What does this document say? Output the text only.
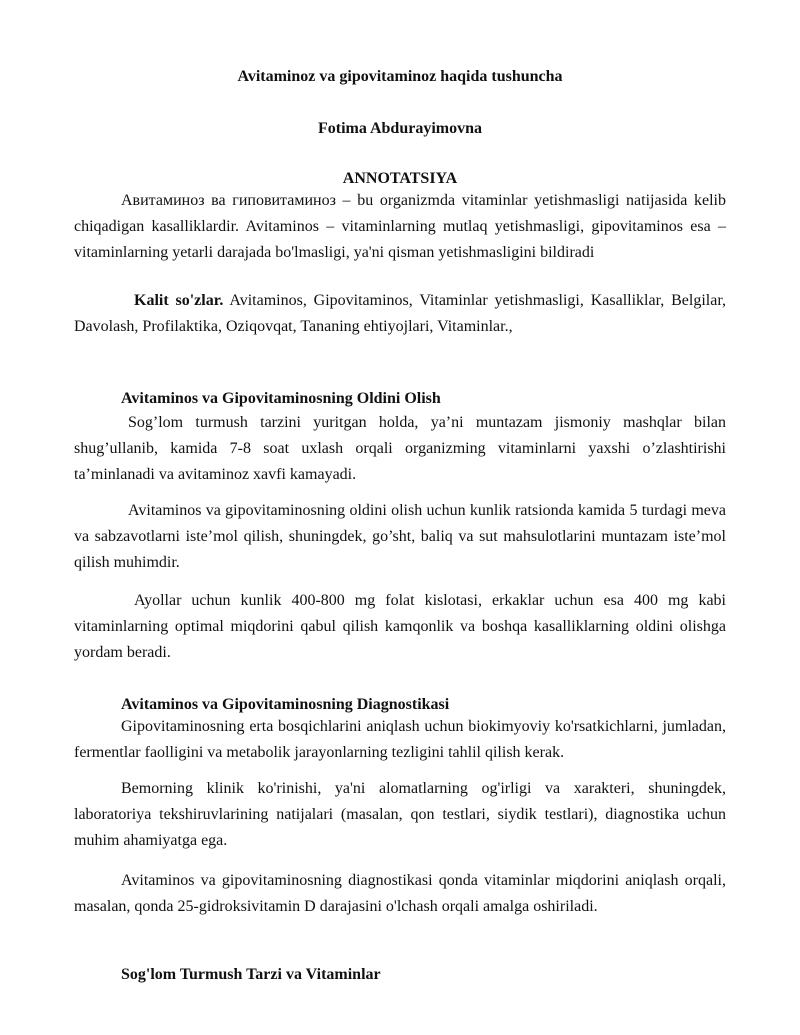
Avitaminoz va gipovitaminoz haqida tushuncha
Fotima Abdurayimovna
ANNOTATSIYA

Авитаминоз ва гиповитаминоз – bu organizmda vitaminlar yetishmasligi natijasida kelib chiqadigan kasalliklardir. Avitaminos – vitaminlarning mutlaq yetishmasligi, gipovitaminos esa – vitaminlarning yetarli darajada bo'lmasligi, ya'ni qisman yetishmasligini bildiradi

Kalit so'zlar. Avitaminos, Gipovitaminos, Vitaminlar yetishmasligi, Kasalliklar, Belgilar, Davolash, Profilaktika, Oziqovqat, Tananing ehtiyojlari, Vitaminlar.,

Avitaminos va Gipovitaminosning Oldini Olish

Sog’lom turmush tarzini yuritgan holda, ya’ni muntazam jismoniy mashqlar bilan shug’ullanib, kamida 7-8 soat uxlash orqali organizming vitaminlarni yaxshi o’zlashtirishi ta’minlanadi va avitaminoz xavfi kamayadi.

Avitaminos va gipovitaminosning oldini olish uchun kunlik ratsionda kamida 5 turdagi meva va sabzavotlarni iste’mol qilish, shuningdek, go’sht, baliq va sut mahsulotlarini muntazam iste’mol qilish muhimdir.

Ayollar uchun kunlik 400-800 mg folat kislotasi, erkaklar uchun esa 400 mg kabi vitaminlarning optimal miqdorini qabul qilish kamqonlik va boshqa kasalliklarning oldini olishga yordam beradi.

Avitaminos va Gipovitaminosning Diagnostikasi

Gipovitaminosning erta bosqichlarini aniqlash uchun biokimyoviy ko'rsatkichlarni, jumladan, fermentlar faolligini va metabolik jarayonlarning tezligini tahlil qilish kerak.

Bemorning klinik ko'rinishi, ya'ni alomatlarning og'irligi va xarakteri, shuningdek, laboratoriya tekshiruvlarining natijalari (masalan, qon testlari, siydik testlari), diagnostika uchun muhim ahamiyatga ega.

Avitaminos va gipovitaminosning diagnostikasi qonda vitaminlar miqdorini aniqlash orqali, masalan, qonda 25-gidroksivitamin D darajasini o'lchash orqali amalga oshiriladi.

Sog'lom Turmush Tarzi va Vitaminlar
